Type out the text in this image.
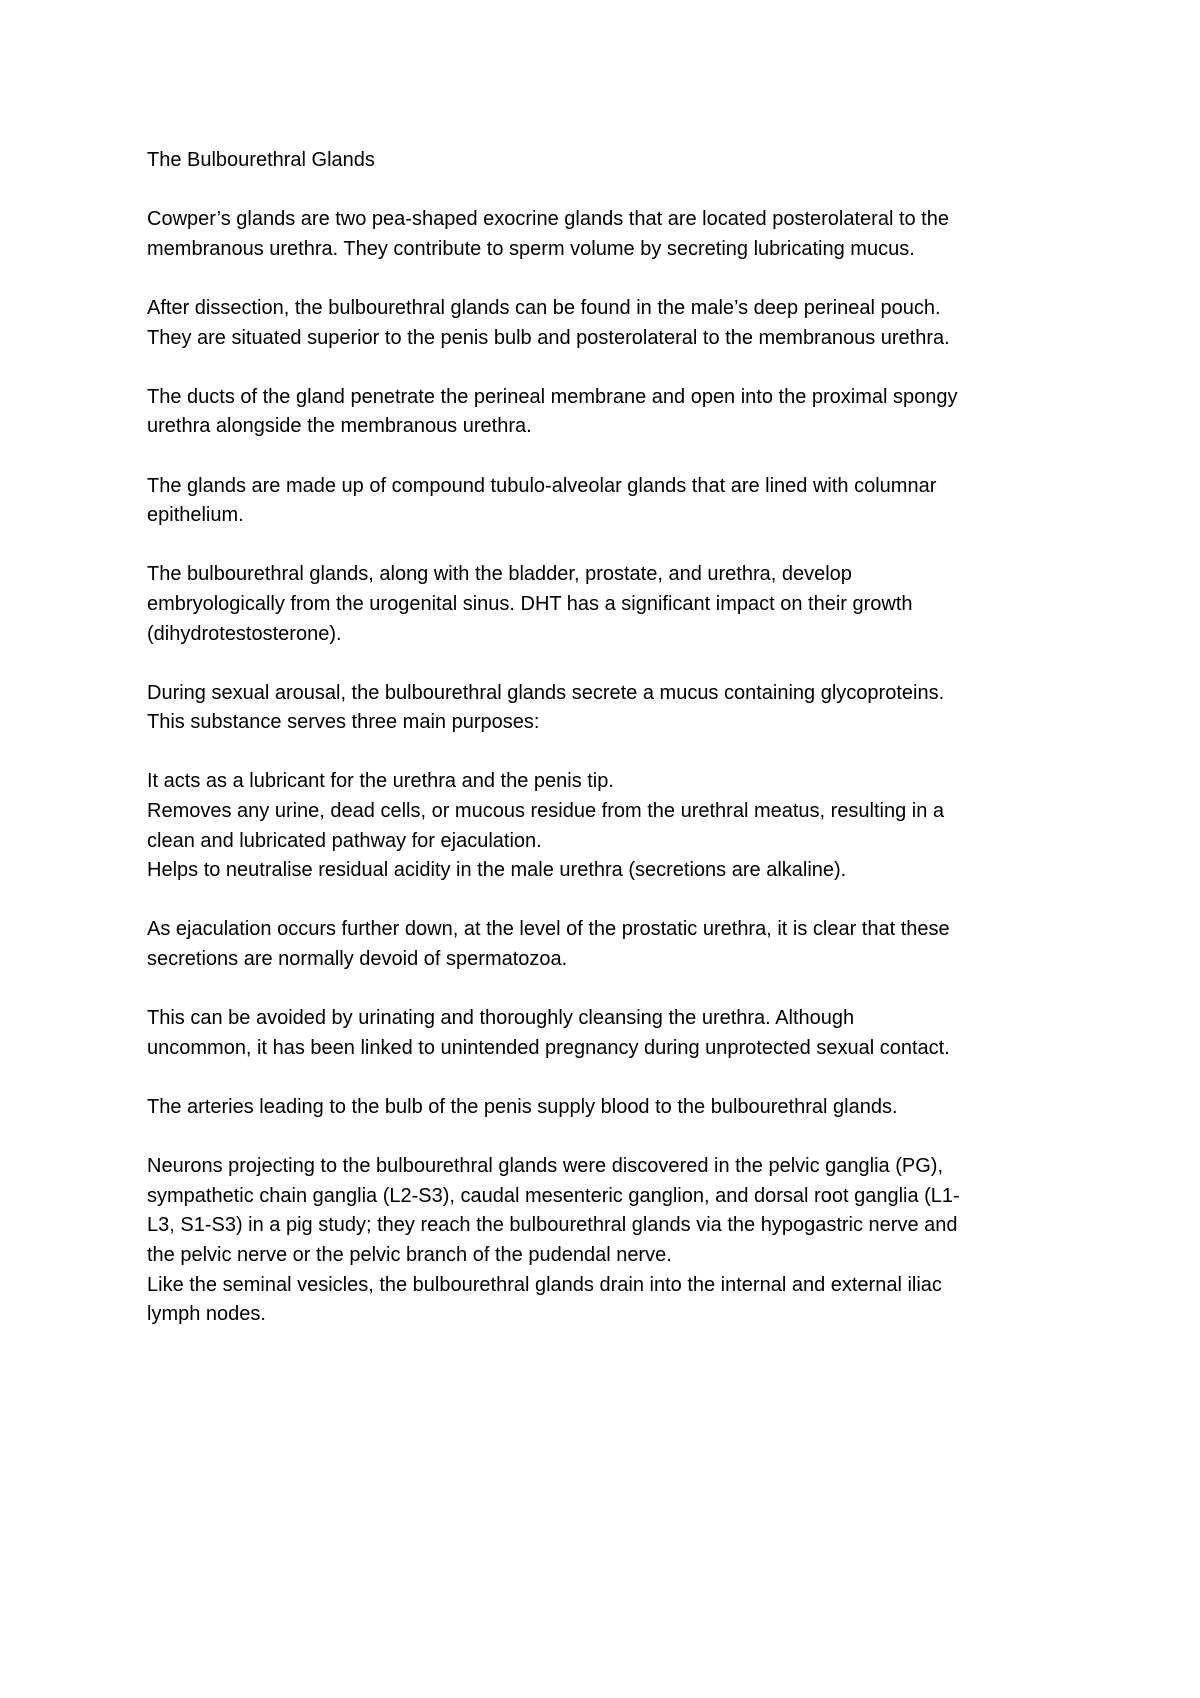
The Bulbourethral Glands
Cowper’s glands are two pea-shaped exocrine glands that are located posterolateral to the
membranous urethra. They contribute to sperm volume by secreting lubricating mucus.
After dissection, the bulbourethral glands can be found in the male’s deep perineal pouch.
They are situated superior to the penis bulb and posterolateral to the membranous urethra.
The ducts of the gland penetrate the perineal membrane and open into the proximal spongy
urethra alongside the membranous urethra.
The glands are made up of compound tubulo-alveolar glands that are lined with columnar
epithelium.
The bulbourethral glands, along with the bladder, prostate, and urethra, develop
embryologically from the urogenital sinus. DHT has a significant impact on their growth
(dihydrotestosterone).
During sexual arousal, the bulbourethral glands secrete a mucus containing glycoproteins.
This substance serves three main purposes:
It acts as a lubricant for the urethra and the penis tip.
Removes any urine, dead cells, or mucous residue from the urethral meatus, resulting in a
clean and lubricated pathway for ejaculation.
Helps to neutralise residual acidity in the male urethra (secretions are alkaline).
As ejaculation occurs further down, at the level of the prostatic urethra, it is clear that these
secretions are normally devoid of spermatozoa.
This can be avoided by urinating and thoroughly cleansing the urethra. Although
uncommon, it has been linked to unintended pregnancy during unprotected sexual contact.
The arteries leading to the bulb of the penis supply blood to the bulbourethral glands.
Neurons projecting to the bulbourethral glands were discovered in the pelvic ganglia (PG),
sympathetic chain ganglia (L2-S3), caudal mesenteric ganglion, and dorsal root ganglia (L1-
L3, S1-S3) in a pig study; they reach the bulbourethral glands via the hypogastric nerve and
the pelvic nerve or the pelvic branch of the pudendal nerve.
Like the seminal vesicles, the bulbourethral glands drain into the internal and external iliac
lymph nodes.
